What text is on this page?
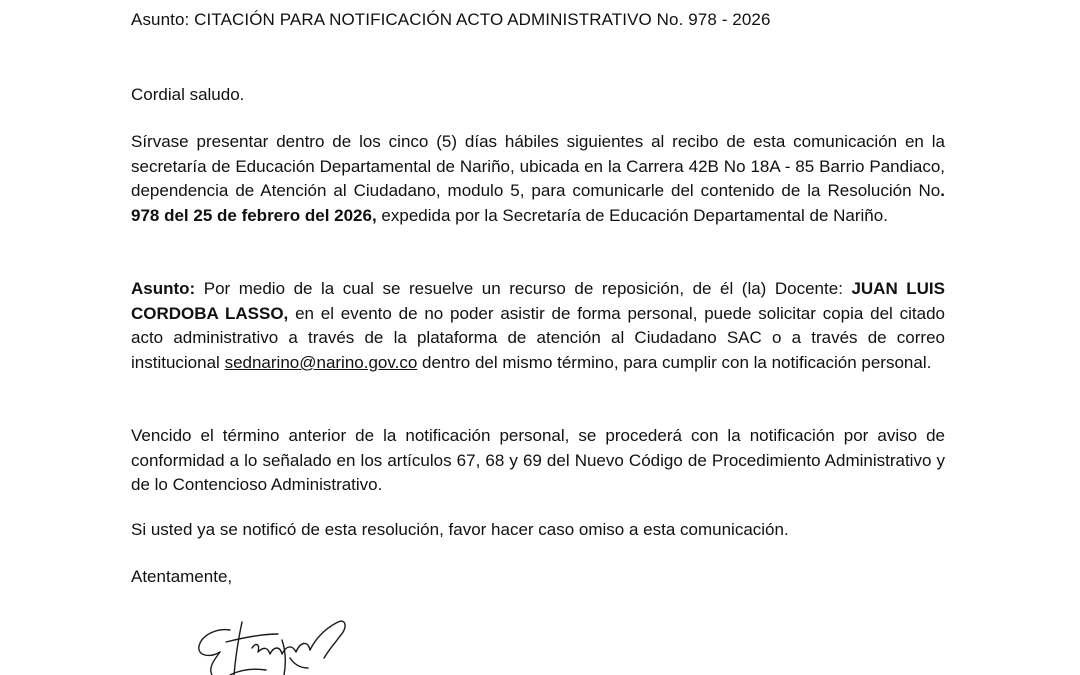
Asunto: CITACIÓN PARA NOTIFICACIÓN ACTO ADMINISTRATIVO No. 978 - 2026

Cordial saludo.

Sírvase presentar dentro de los cinco (5) días hábiles siguientes al recibo de esta comunicación en la secretaría de Educación Departamental de Nariño, ubicada en la Carrera 42B No 18A - 85 Barrio Pandiaco, dependencia de Atención al Ciudadano, modulo 5, para comunicarle del contenido de la Resolución No. 978 del 25 de febrero del 2026, expedida por la Secretaría de Educación Departamental de Nariño.

Asunto: Por medio de la cual se resuelve un recurso de reposición, de él (la) Docente: JUAN LUIS CORDOBA LASSO, en el evento de no poder asistir de forma personal, puede solicitar copia del citado acto administrativo a través de la plataforma de atención al Ciudadano SAC o a través de correo institucional sednarino@narino.gov.co dentro del mismo término, para cumplir con la notificación personal.

Vencido el término anterior de la notificación personal, se procederá con la notificación por aviso de conformidad a lo señalado en los artículos 67, 68 y 69 del Nuevo Código de Procedimiento Administrativo y de lo Contencioso Administrativo.

Si usted ya se notificó de esta resolución, favor hacer caso omiso a esta comunicación.

Atentamente,
